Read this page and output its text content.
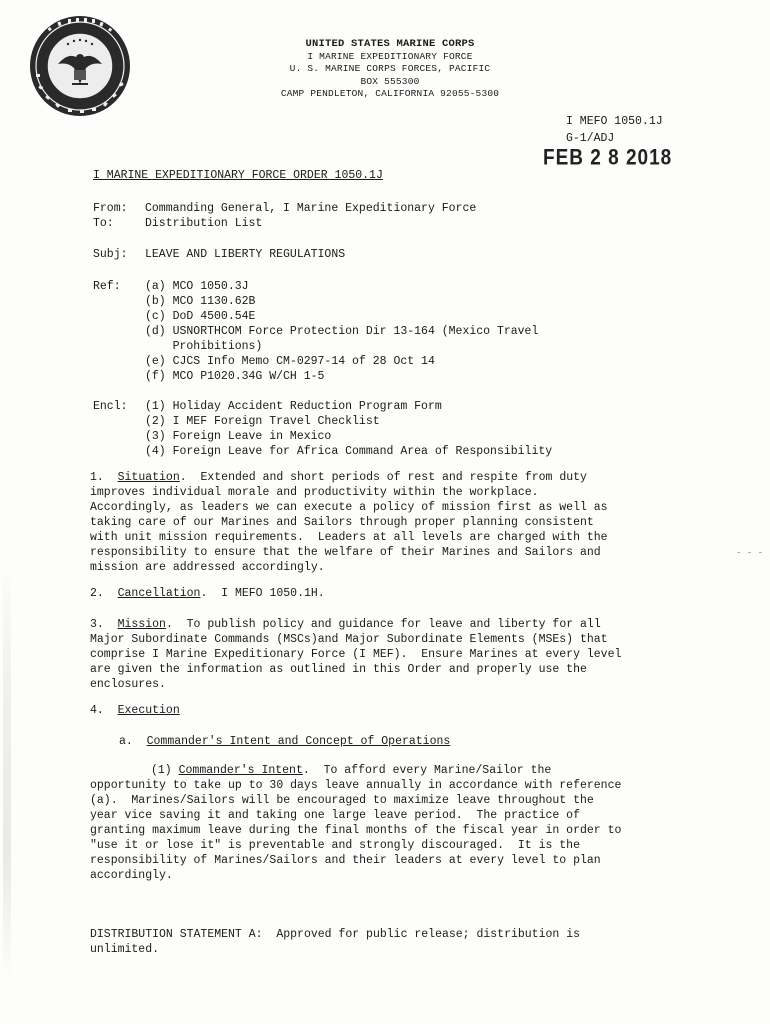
UNITED STATES MARINE CORPS
I MARINE EXPEDITIONARY FORCE
U. S. MARINE CORPS FORCES, PACIFIC
BOX 555300
CAMP PENDLETON, CALIFORNIA 92055-5300
I MEFO 1050.1J
G-1/ADJ
FEB 2 8 2018
I MARINE EXPEDITIONARY FORCE ORDER 1050.1J
From: Commanding General, I Marine Expeditionary Force
To:	Distribution List
Subj: LEAVE AND LIBERTY REGULATIONS
Ref: (a) MCO 1050.3J
(b) MCO 1130.62B
(c) DoD 4500.54E
(d) USNORTHCOM Force Protection Dir 13-164 (Mexico Travel
Prohibitions)
(e) CJCS Info Memo CM-0297-14 of 28 Oct 14
(f) MCO P1020.34G W/CH 1-5
Encl: (1) Holiday Accident Reduction Program Form
(2) I MEF Foreign Travel Checklist
(3) Foreign Leave in Mexico
(4) Foreign Leave for Africa Command Area of Responsibility
1. Situation.  Extended and short periods of rest and respite from duty
improves individual morale and productivity within the workplace.
Accordingly, as leaders we can execute a policy of mission first as well as
taking care of our Marines and Sailors through proper planning consistent
with unit mission requirements.  Leaders at all levels are charged with the
responsibility to ensure that the welfare of their Marines and Sailors and
mission are addressed accordingly.
2. Cancellation.  I MEFO 1050.1H.
3. Mission.  To publish policy and guidance for leave and liberty for all
Major Subordinate Commands (MSCs)and Major Subordinate Elements (MSEs) that
comprise I Marine Expeditionary Force (I MEF).  Ensure Marines at every level
are given the information as outlined in this Order and properly use the
enclosures.
4. Execution
a. Commander's Intent and Concept of Operations
(1) Commander's Intent.  To afford every Marine/Sailor the
opportunity to take up to 30 days leave annually in accordance with reference
(a).  Marines/Sailors will be encouraged to maximize leave throughout the
year vice saving it and taking one large leave period.  The practice of
granting maximum leave during the final months of the fiscal year in order to
"use it or lose it" is preventable and strongly discouraged.  It is the
responsibility of Marines/Sailors and their leaders at every level to plan
accordingly.
DISTRIBUTION STATEMENT A: Approved for public release; distribution is
unlimited.
- - -
